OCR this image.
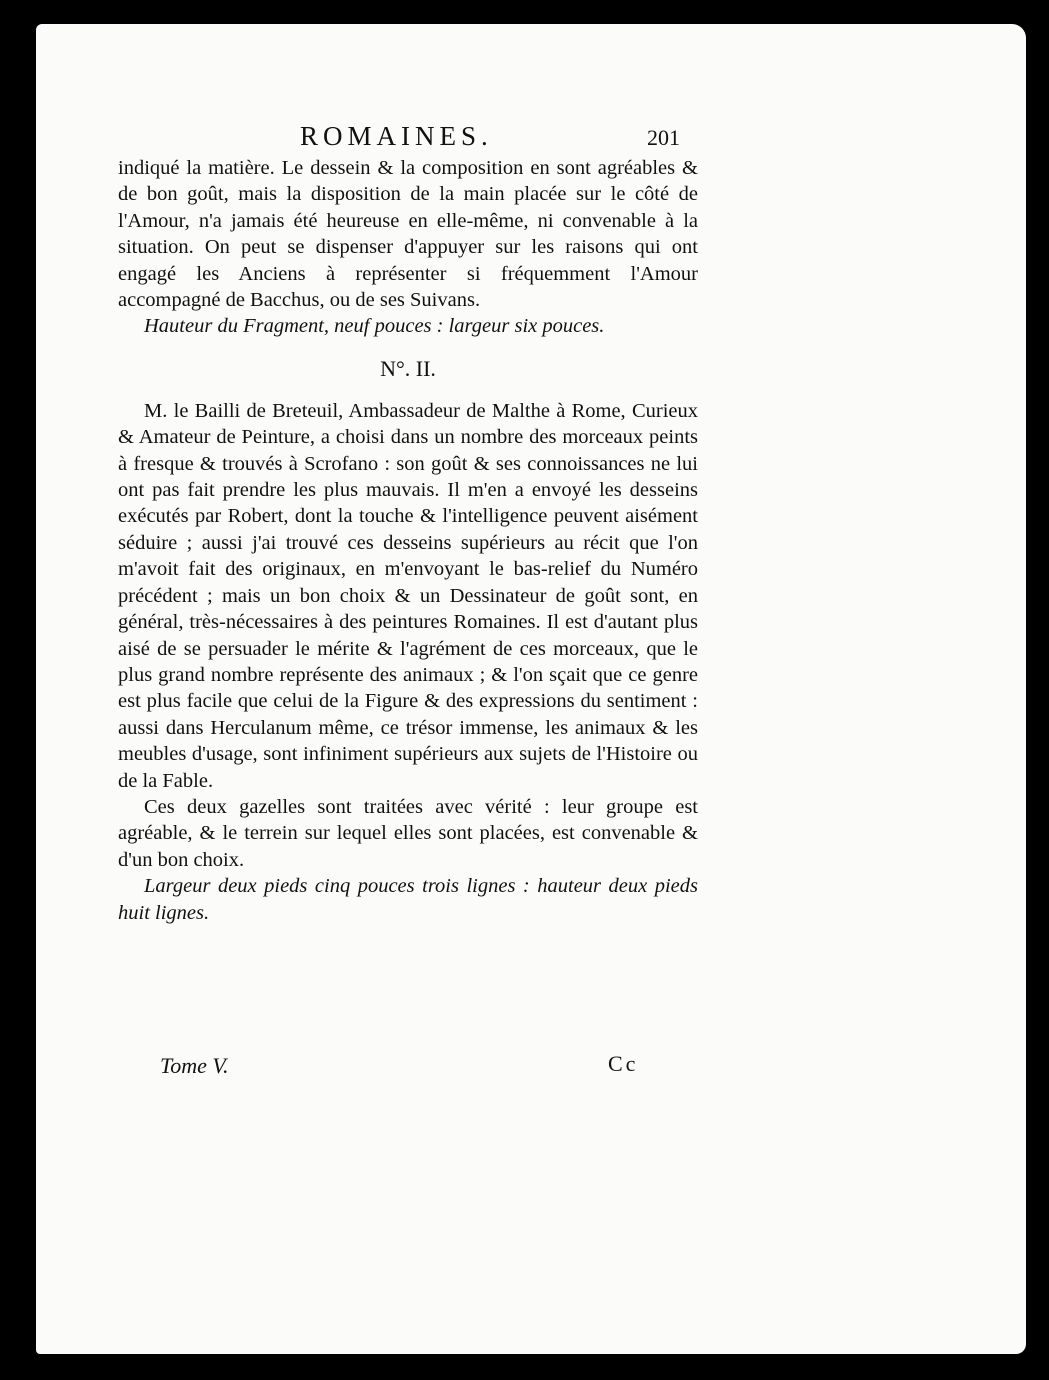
ROMAINES.	201

indiqué la matière. Le dessein & la composition en sont agréables & de bon goût, mais la disposition de la main placée sur le côté de l'Amour, n'a jamais été heureuse en elle-même, ni convenable à la situation. On peut se dispenser d'appuyer sur les raisons qui ont engagé les Anciens à représenter si fréquemment l'Amour accompagné de Bacchus, ou de ses Suivans.

Hauteur du Fragment, neuf pouces : largeur six pouces.

N°. II.

M. le Bailli de Breteuil, Ambassadeur de Malthe à Rome, Curieux & Amateur de Peinture, a choisi dans un nombre des morceaux peints à fresque & trouvés à Scrofano : son goût & ses connoissances ne lui ont pas fait prendre les plus mauvais. Il m'en a envoyé les desseins exécutés par Robert, dont la touche & l'intelligence peuvent aisément séduire ; aussi j'ai trouvé ces desseins supérieurs au récit que l'on m'avoit fait des originaux, en m'envoyant le bas-relief du Numéro précédent ; mais un bon choix & un Dessinateur de goût sont, en général, très-nécessaires à des peintures Romaines. Il est d'autant plus aisé de se persuader le mérite & l'agrément de ces morceaux, que le plus grand nombre représente des animaux ; & l'on sçait que ce genre est plus facile que celui de la Figure & des expressions du sentiment : aussi dans Herculanum même, ce trésor immense, les animaux & les meubles d'usage, sont infiniment supérieurs aux sujets de l'Histoire ou de la Fable.

Ces deux gazelles sont traitées avec vérité : leur groupe est agréable, & le terrein sur lequel elles sont placées, est convenable & d'un bon choix.

Largeur deux pieds cinq pouces trois lignes : hauteur deux pieds huit lignes.

Tome V.	Cc
